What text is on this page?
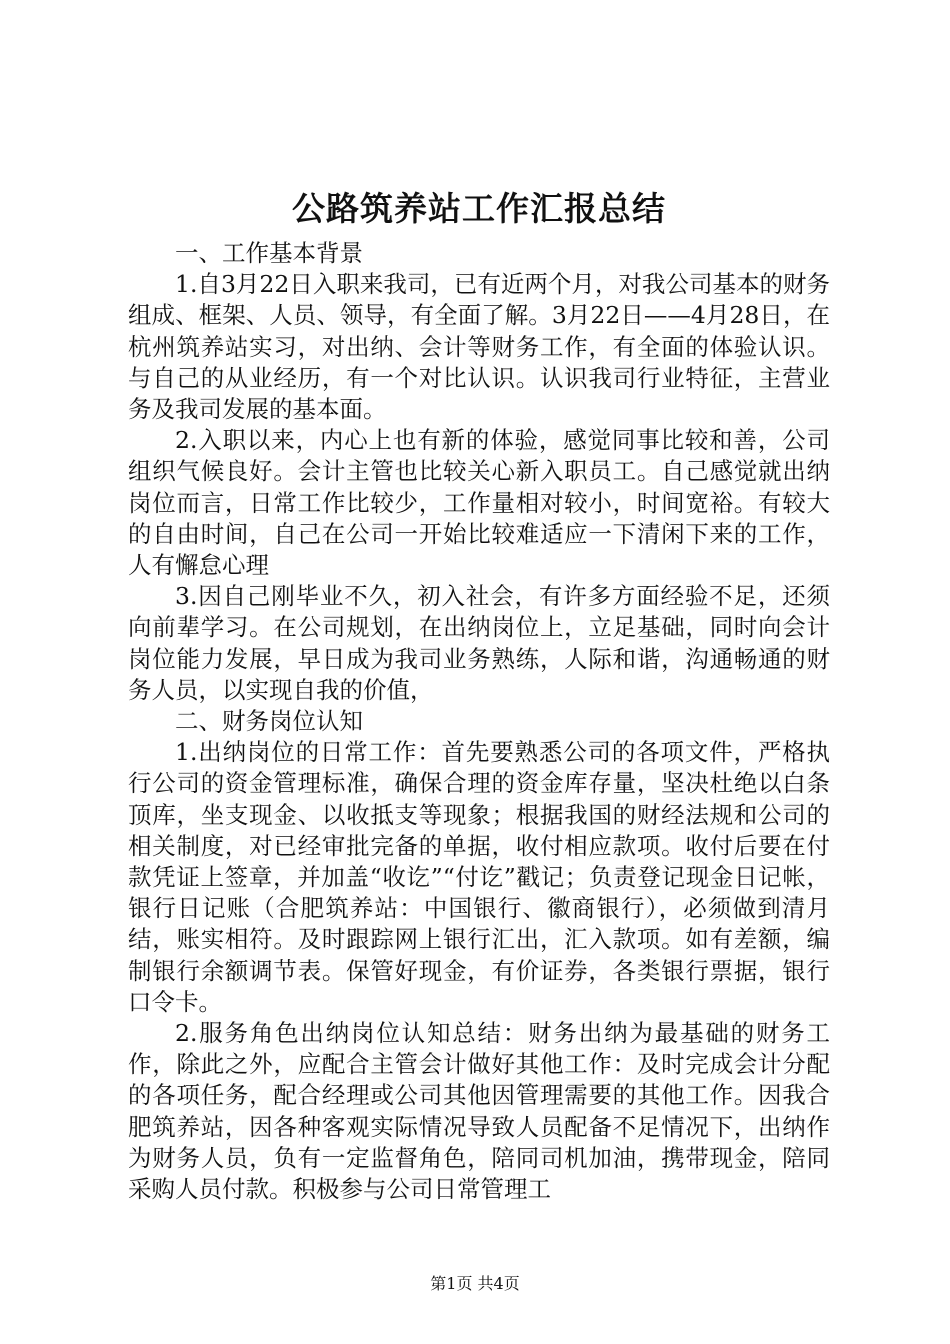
公路筑养站工作汇报总结

一、工作基本背景

1.自3月22日入职来我司，已有近两个月，对我公司基本的财务组成、框架、人员、领导，有全面了解。3月22日——4月28日，在杭州筑养站实习，对出纳、会计等财务工作，有全面的体验认识。与自己的从业经历，有一个对比认识。认识我司行业特征，主营业务及我司发展的基本面。

2.入职以来，内心上也有新的体验，感觉同事比较和善，公司组织气候良好。会计主管也比较关心新入职员工。自己感觉就出纳岗位而言，日常工作比较少，工作量相对较小，时间宽裕。有较大的自由时间，自己在公司一开始比较难适应一下清闲下来的工作，人有懈怠心理

3.因自己刚毕业不久，初入社会，有许多方面经验不足，还须向前辈学习。在公司规划，在出纳岗位上，立足基础，同时向会计岗位能力发展，早日成为我司业务熟练，人际和谐，沟通畅通的财务人员，以实现自我的价值，

二、财务岗位认知

1.出纳岗位的日常工作：首先要熟悉公司的各项文件，严格执行公司的资金管理标准，确保合理的资金库存量，坚决杜绝以白条顶库，坐支现金、以收抵支等现象；根据我国的财经法规和公司的相关制度，对已经审批完备的单据，收付相应款项。收付后要在付款凭证上签章，并加盖“收讫”“付讫”戳记；负责登记现金日记帐，银行日记账（合肥筑养站：中国银行、徽商银行），必须做到清月结，账实相符。及时跟踪网上银行汇出，汇入款项。如有差额，编制银行余额调节表。保管好现金，有价证券，各类银行票据，银行口令卡。

2.服务角色出纳岗位认知总结：财务出纳为最基础的财务工作，除此之外，应配合主管会计做好其他工作：及时完成会计分配的各项任务，配合经理或公司其他因管理需要的其他工作。因我合肥筑养站，因各种客观实际情况导致人员配备不足情况下，出纳作为财务人员，负有一定监督角色，陪同司机加油，携带现金，陪同采购人员付款。积极参与公司日常管理工

第1页 共4页
